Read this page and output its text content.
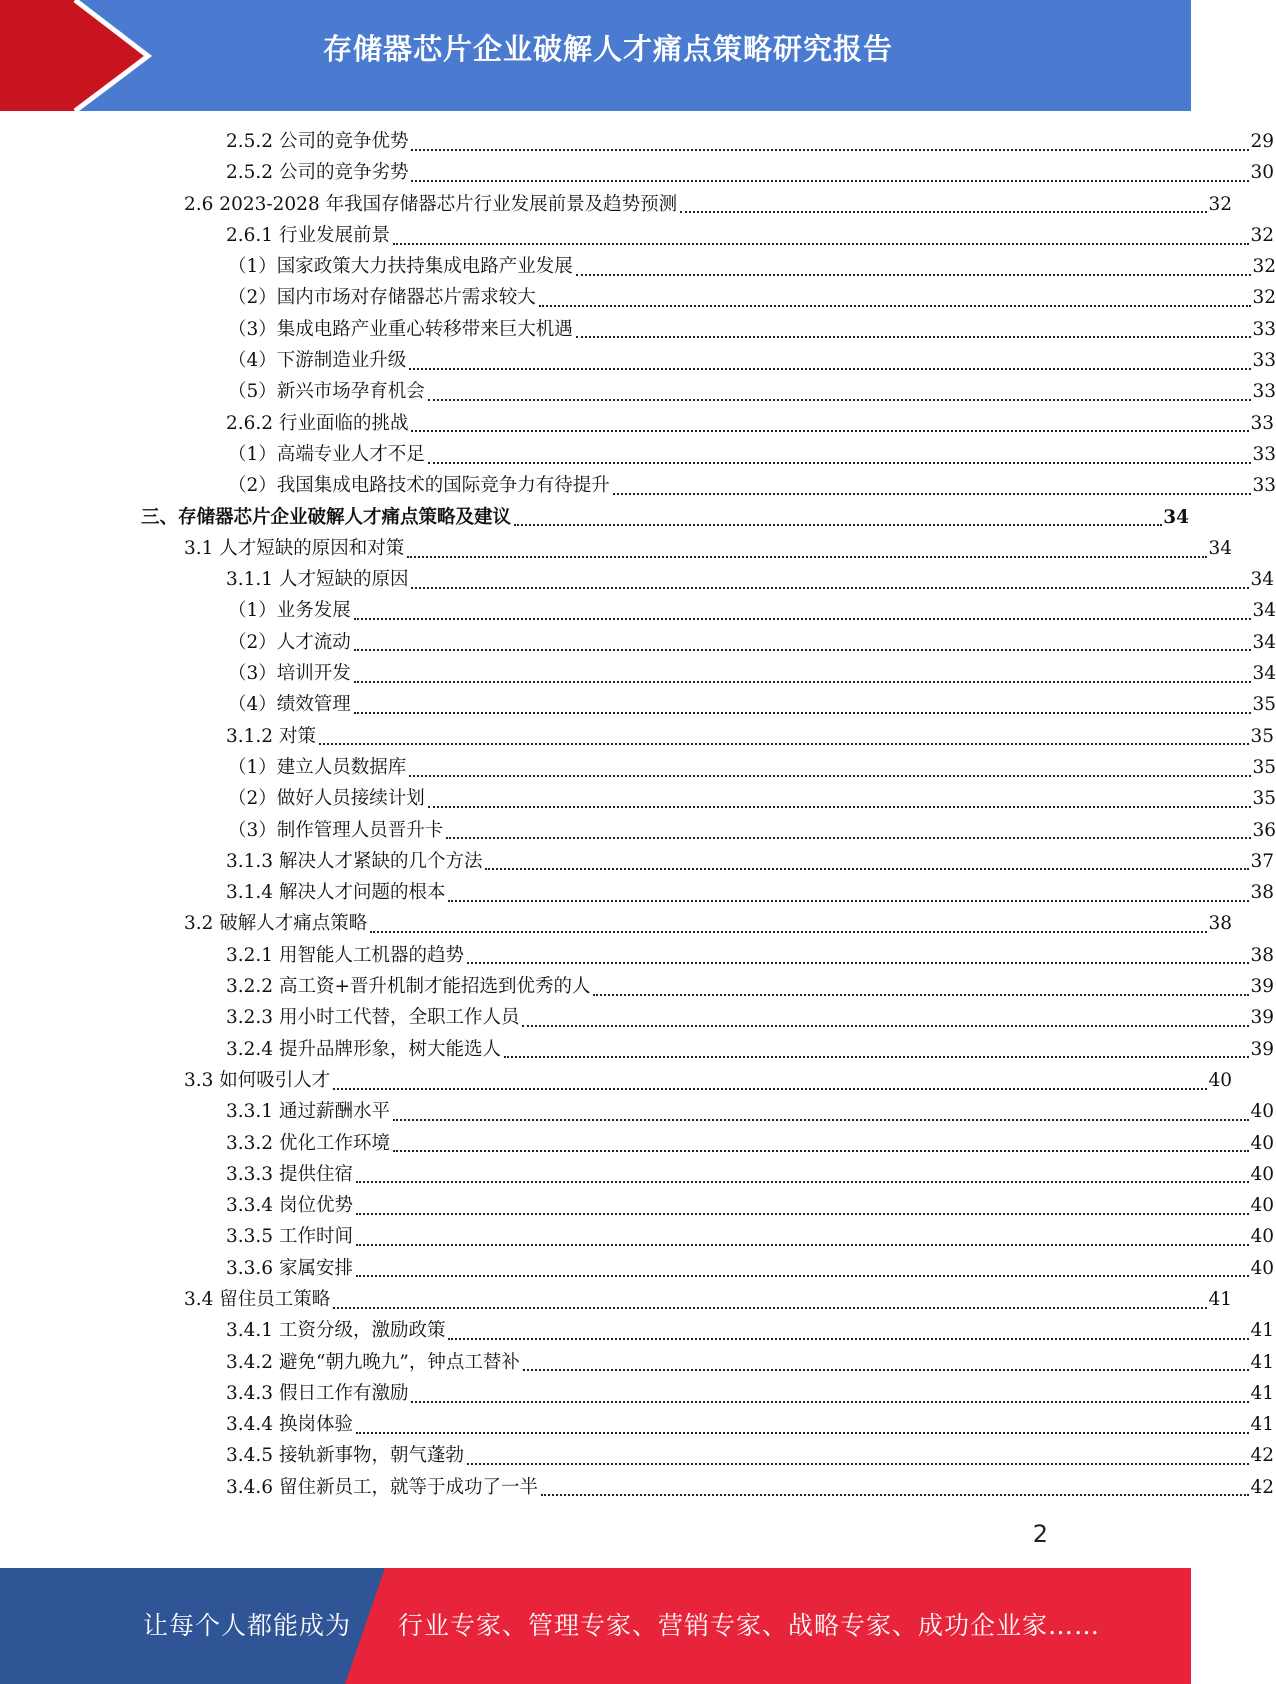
存储器芯片企业破解人才痛点策略研究报告
2.5.2 公司的竞争优势	29
2.5.2 公司的竞争劣势	30
2.6 2023-2028 年我国存储器芯片行业发展前景及趋势预测	32
2.6.1 行业发展前景	32
（1）国家政策大力扶持集成电路产业发展	32
（2）国内市场对存储器芯片需求较大	32
（3）集成电路产业重心转移带来巨大机遇	33
（4）下游制造业升级	33
（5）新兴市场孕育机会	33
2.6.2 行业面临的挑战	33
（1）高端专业人才不足	33
（2）我国集成电路技术的国际竞争力有待提升	33
三、存储器芯片企业破解人才痛点策略及建议	34
3.1 人才短缺的原因和对策	34
3.1.1 人才短缺的原因	34
（1）业务发展	34
（2）人才流动	34
（3）培训开发	34
（4）绩效管理	35
3.1.2 对策	35
（1）建立人员数据库	35
（2）做好人员接续计划	35
（3）制作管理人员晋升卡	36
3.1.3 解决人才紧缺的几个方法	37
3.1.4 解决人才问题的根本	38
3.2 破解人才痛点策略	38
3.2.1 用智能人工机器的趋势	38
3.2.2 高工资+晋升机制才能招选到优秀的人	39
3.2.3 用小时工代替，全职工作人员	39
3.2.4 提升品牌形象，树大能选人	39
3.3 如何吸引人才	40
3.3.1 通过薪酬水平	40
3.3.2 优化工作环境	40
3.3.3 提供住宿	40
3.3.4 岗位优势	40
3.3.5 工作时间	40
3.3.6 家属安排	40
3.4 留住员工策略	41
3.4.1 工资分级，激励政策	41
3.4.2 避免“朝九晚九”，钟点工替补	41
3.4.3 假日工作有激励	41
3.4.4 换岗体验	41
3.4.5 接轨新事物，朝气蓬勃	42
3.4.6 留住新员工，就等于成功了一半	42
2
让每个人都能成为 行业专家、管理专家、营销专家、战略专家、成功企业家……
